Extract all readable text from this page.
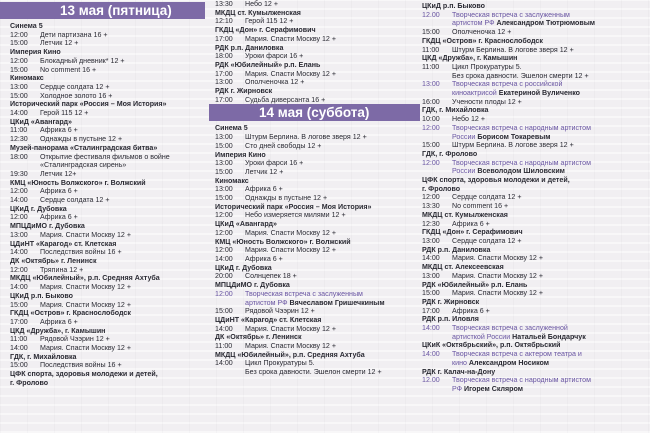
13 мая (пятница)
Синема 5
12:00	Дети партизана 16 +
15:00	Летчик 12 +
Империя Кино
12:00	Блокадный дневник* 12 +
15:00	No comment 16 +
Киномакс
13:00	Сердце солдата 12 +
15:00	Холодное золото 16 +
Исторический парк «Россия – Моя История»
14:00	Герой 115 12 +
ЦКиД «Авангард»
11:00	Африка 6 +
12:30	Однажды в пустыне 12 +
Музей-панорама «Сталинградская битва»
18:00	Открытие фестиваля фильмов о войне
«Сталинградская сирень»
19:30	Летчик 12+
КМЦ «Юность Волжского» г. Волжский
12:00	Африка 6 +
14:00	Сердце солдата 12 +
ЦКиД г. Дубовка
12:00	Африка 6 +
МПЦДиМО г. Дубовка
13:00	Мария. Спасти Москву 12 +
ЦДиНТ «Карагод» ст. Клетская
14:00	Последствия войны 16 +
ДК «Октябрь» г. Ленинск
12:00	Тряпина 12 +
МКДЦ «Юбилейный», р.п. Средняя Ахтуба
14:00	Мария. Спасти Москву 12 +
ЦКиД р.п. Быково
15:00	Мария. Спасти Москву 12 +
ГКДЦ «Остров» г. Краснослободск
17:00	Африка 6 +
ЦКД «Дружба», г. Камышин
11:00	Рядовой Чээрин 12 +
14:00	Мария. Спасти Москву 12 +
ГДК, г. Михайловка
15:00	Последствия войны 16 +
ЦФК спорта, здоровья молодежи и детей,
г. Фролово
13:30	Небо 12 +
МКДЦ ст. Кумылженская
12:10	Герой 115 12 +
ГКДЦ «Дон» г. Серафимович
17:00	Мария. Спасти Москву 12 +
РДК р.п. Даниловка
18:00	Уроки фарси 16 +
РДК «Юбилейный» р.п. Елань
17:00	Мария. Спасти Москву 12 +
13:00	Ополченочка 12 +
РДК г. Жирновск
17:00	Судьба диверсанта 16 +
14 мая (суббота)
Синема 5
13:00	Штурм Берлина. В логове зверя 12 +
15:00	Сто дней свободы 12 +
Империя Кино
13:00	Уроки фарси 16 +
15:00	Летчик 12 +
Киномакс
13:00	Африка 6 +
15:00	Однажды в пустыне 12 +
Исторический парк «Россия – Моя История»
12:00	Небо измеряется милями 12 +
ЦКиД «Авангард»
12:00	Мария. Спасти Москву 12 +
КМЦ «Юность Волжского» г. Волжский
12:00	Мария. Спасти Москву 12 +
14:00	Африка 6 +
ЦКиД г. Дубовка
20:00	Солнцепек 18 +
МПЦДиМО г. Дубовка
12:00	Творческая встреча с заслуженным
артистом РФ Вячеславом Гришечкиным
15:00	Рядовой Чээрин 12 +
ЦДиНТ «Карагод» ст. Клетская
14:00	Мария. Спасти Москву 12 +
ДК «Октябрь» г. Ленинск
11:00	Мария. Спасти Москву 12 +
МКДЦ «Юбилейный», р.п. Средняя Ахтуба
14:00	Цикл Прокуратуры 5.
Без срока давности. Эшелон смерти 12 +
ЦКиД р.п. Быково
12.00	Творческая встреча с заслуженным
артистом РФ Александром Тютрюмовым
15:00	Ополченочка 12 +
ГКДЦ «Остров» г. Краснослободск
11:00	Штурм Берлина. В логове зверя 12 +
ЦКД «Дружба», г. Камышин
11:00	Цикл Прокуратуры 5.
Без срока давности. Эшелон смерти 12 +
13:00	Творческая встреча с российской
киноактрисой Екатериной Вуличенко
16:00	Учености плоды 12 +
ГДК, г. Михайловка
10:00	Небо 12 +
12:00	Творческая встреча с народным артистом
России Борисом Токаревым
15:00	Штурм Берлина. В логове зверя 12 +
ГДК, г. Фролово
12:00	Творческая встреча с народным артистом
России Всеволодом Шиловским
ЦФК спорта, здоровья молодежи и детей,
г. Фролово
12:00	Сердце солдата 12 +
13:30	No comment 16 +
МКДЦ ст. Кумылженская
12:30	Африка 6 +
ГКДЦ «Дон» г. Серафимович
13:00	Сердце солдата 12 +
РДК р.п. Даниловка
14:00	Мария. Спасти Москву 12 +
МКДЦ ст. Алексеевская
13:00	Мария. Спасти Москву 12 +
РДК «Юбилейный» р.п. Елань
15:00	Мария. Спасти Москву 12 +
РДК г. Жирновск
17:00	Африка 6 +
РДК р.п. Иловля
14:00	Творческая встреча с заслуженной
артисткой России Натальей Бондарчук
ЦКиК «Октябрьский», р.п. Октябрьский
14:00	Творческая встреча с актером театра и
кино Александром Носиком
РДК г. Калач-на-Дону
12.00	Творческая встреча с народным артистом
РФ Игорем Скляром
